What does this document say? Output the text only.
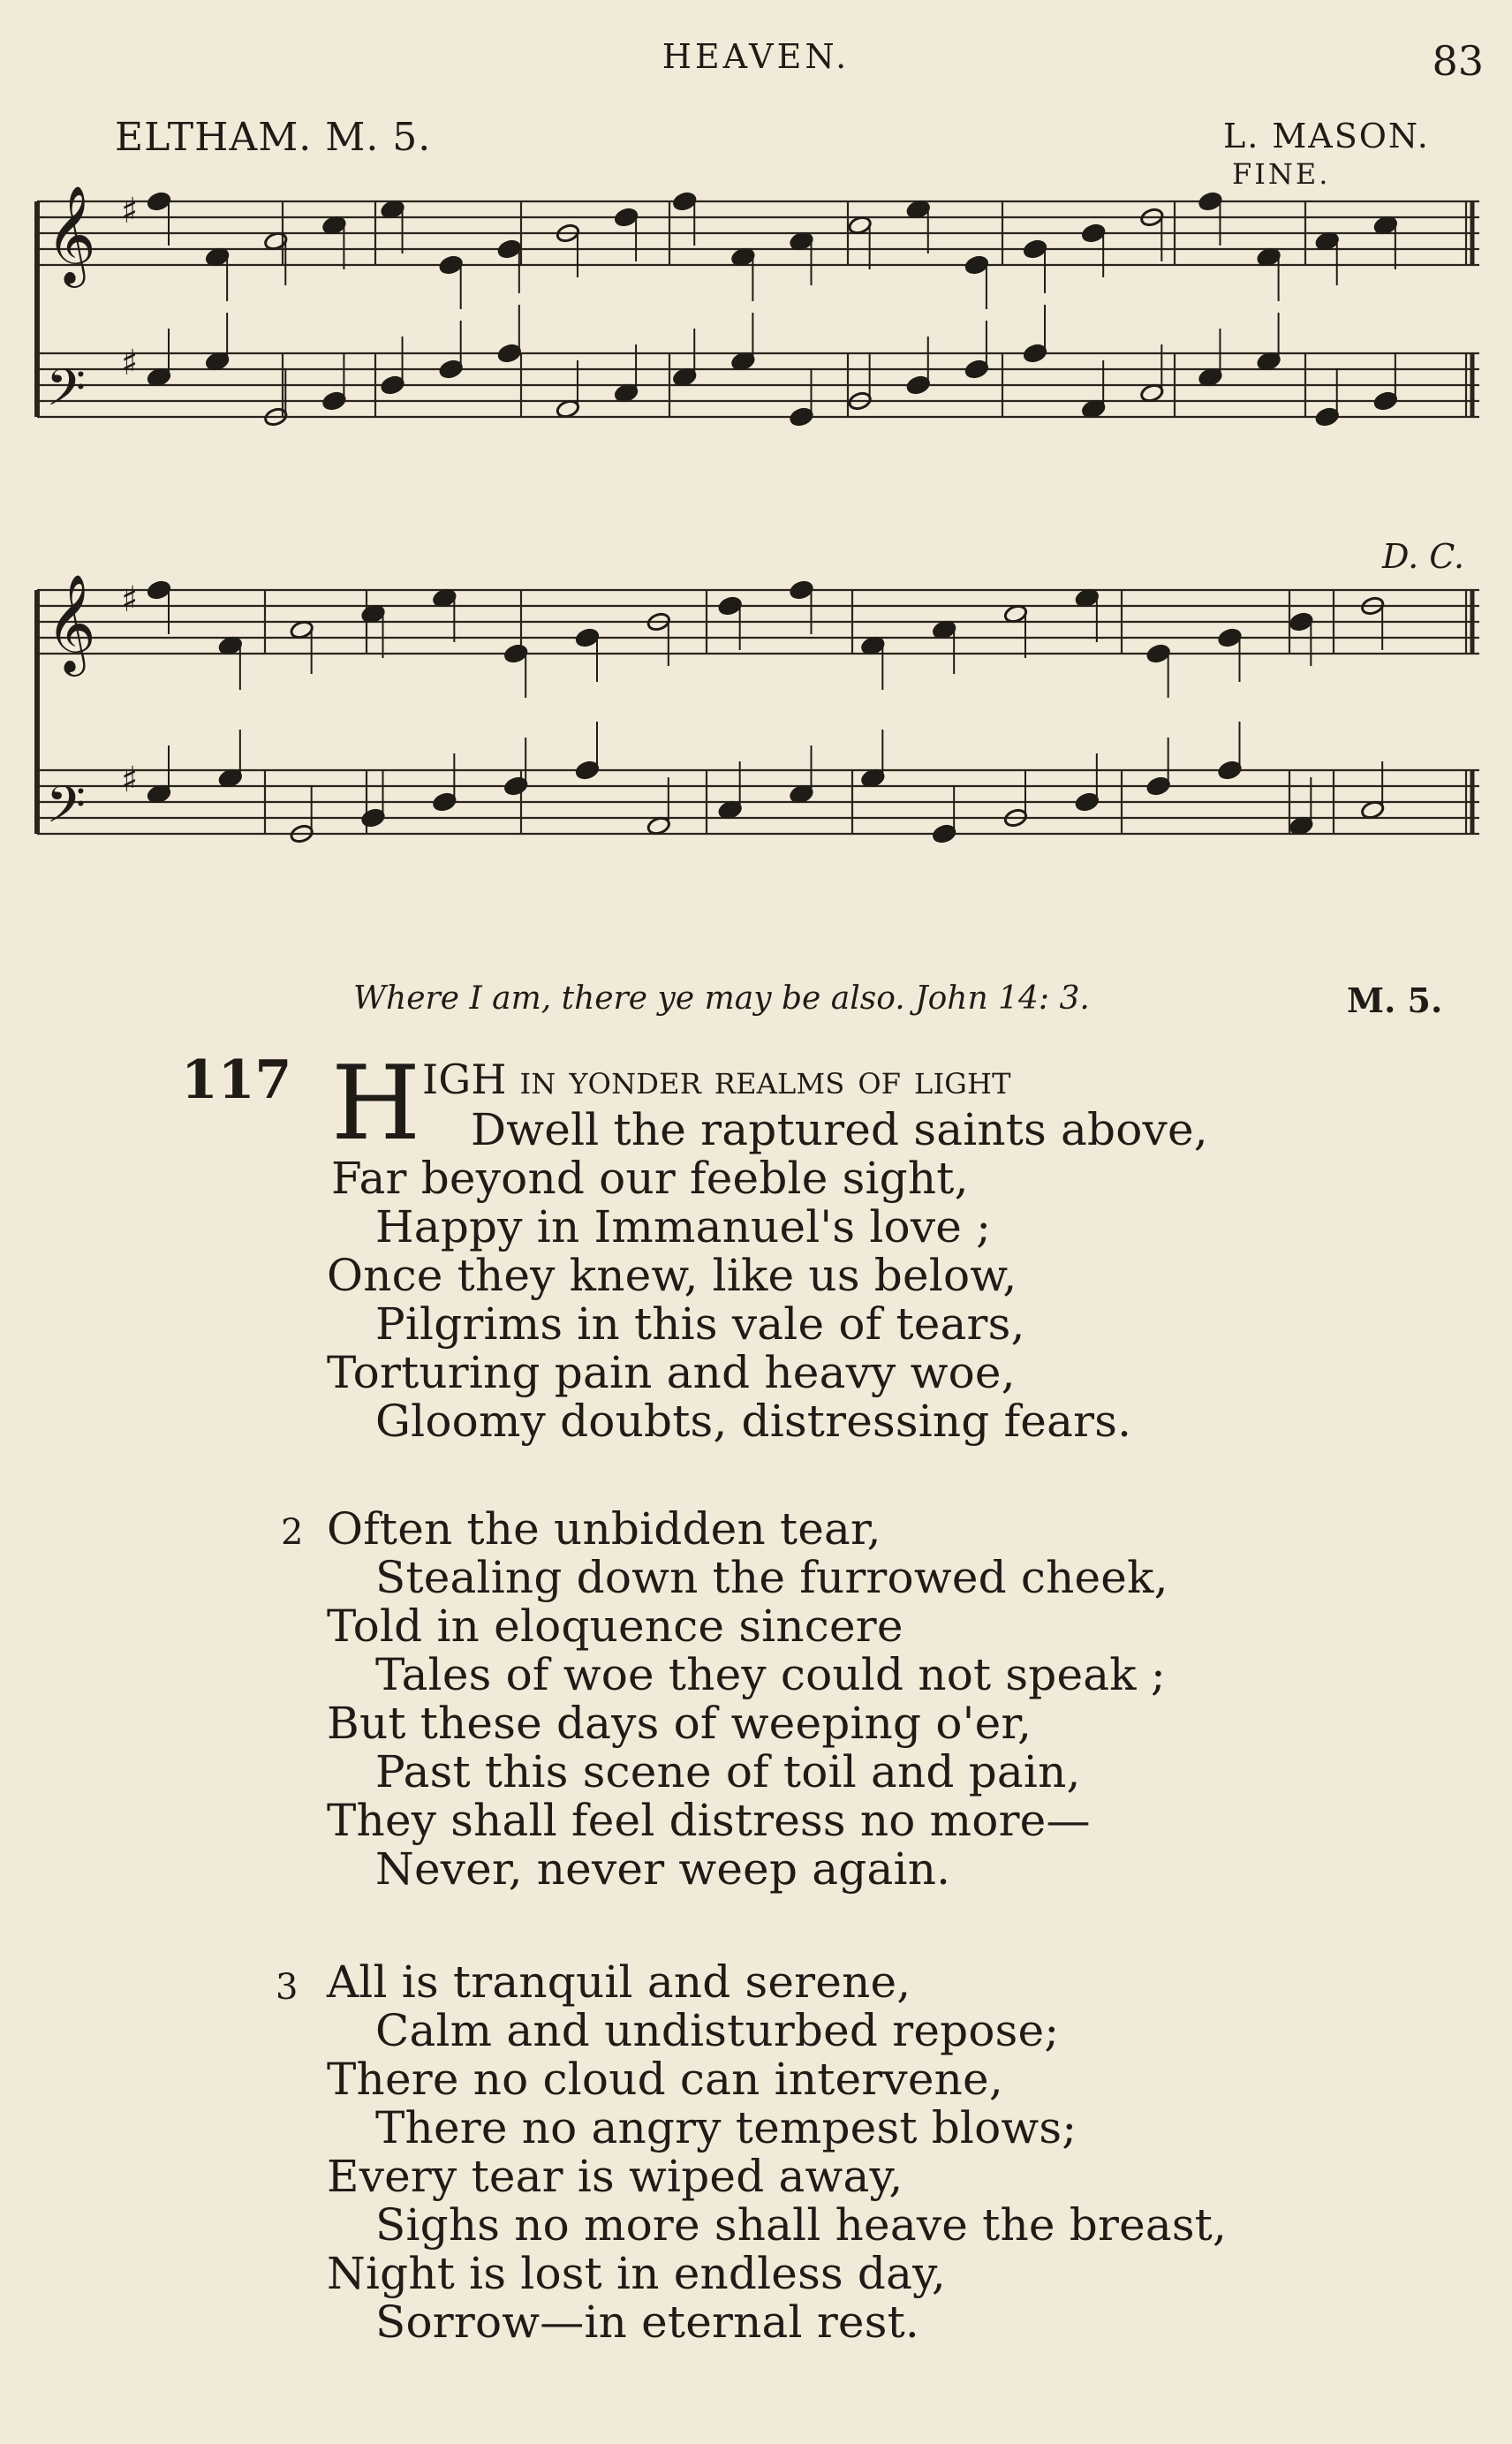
HEAVEN.	83
ELTHAM. M. 5.	L. MASON.
FINE.
D. C.
𝄞 ♯
𝄢 ♯
𝄞 ♯
𝄢 ♯
Where I am, there ye may be also. John 14: 3.	M. 5.
117 H IGH in yonder realms of light
Dwell the raptured saints above,
Far beyond our feeble sight,
Happy in Immanuel's love ;
Once they knew, like us below,
Pilgrims in this vale of tears,
Torturing pain and heavy woe,
Gloomy doubts, distressing fears.
2 Often the unbidden tear,
Stealing down the furrowed cheek,
Told in eloquence sincere
Tales of woe they could not speak ;
But these days of weeping o'er,
Past this scene of toil and pain,
They shall feel distress no more—
Never, never weep again.
3 All is tranquil and serene,
Calm and undisturbed repose;
There no cloud can intervene,
There no angry tempest blows;
Every tear is wiped away,
Sighs no more shall heave the breast,
Night is lost in endless day,
Sorrow—in eternal rest.
